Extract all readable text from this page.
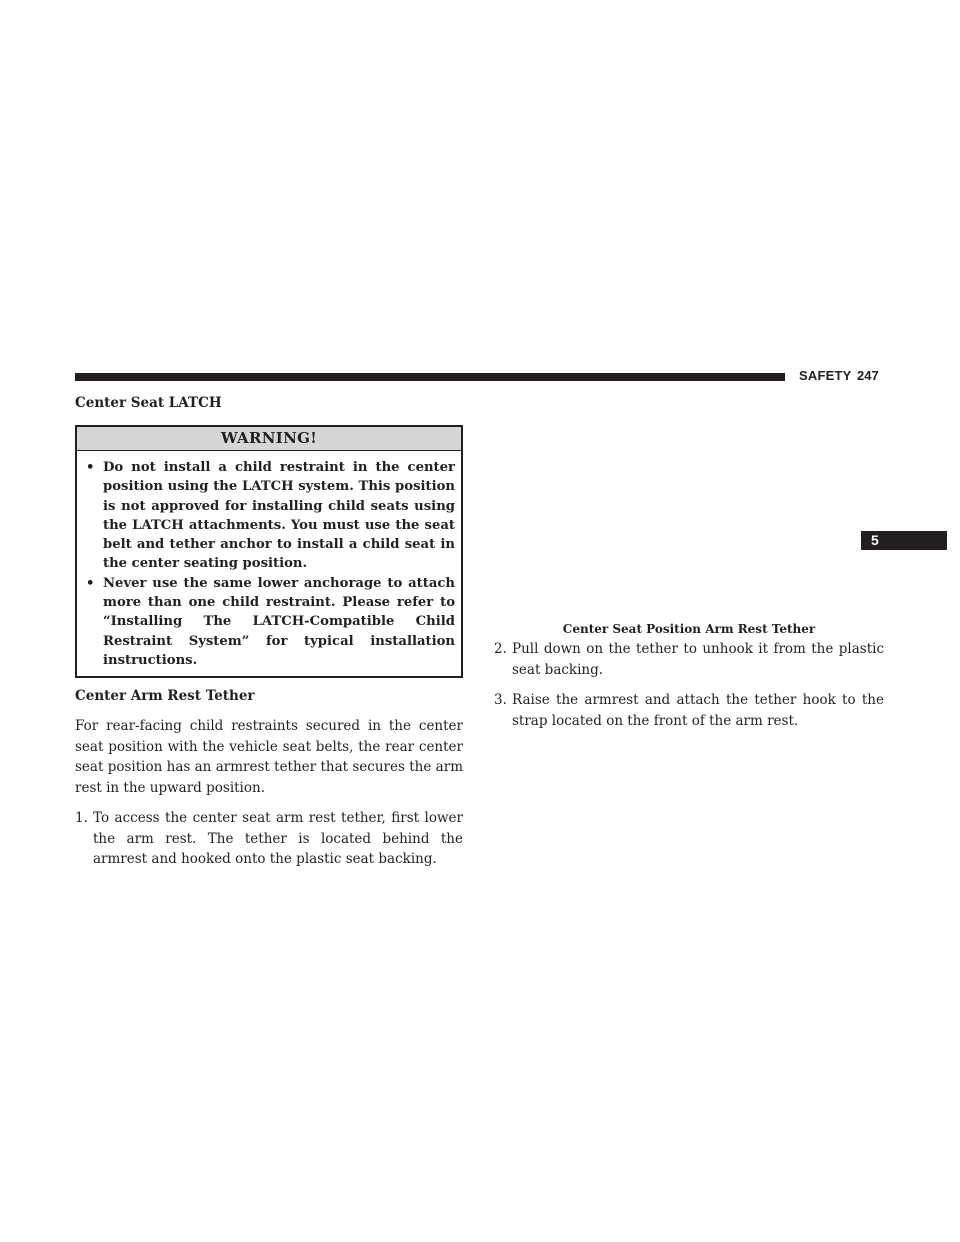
SAFETY 247
5
Center Seat LATCH
WARNING!
• Do not install a child restraint in the center position using the LATCH system. This position is not approved for installing child seats using the LATCH attachments. You must use the seat belt and tether anchor to install a child seat in the center seating position.
• Never use the same lower anchorage to attach more than one child restraint. Please refer to “Installing The LATCH-Compatible Child Restraint System” for typical installation instructions.
Center Arm Rest Tether

For rear-facing child restraints secured in the center seat position with the vehicle seat belts, the rear center seat position has an armrest tether that secures the arm rest in the upward position.

1. To access the center seat arm rest tether, first lower the arm rest. The tether is located behind the armrest and hooked onto the plastic seat backing.

Center Seat Position Arm Rest Tether

2. Pull down on the tether to unhook it from the plastic seat backing.
3. Raise the armrest and attach the tether hook to the strap located on the front of the arm rest.
